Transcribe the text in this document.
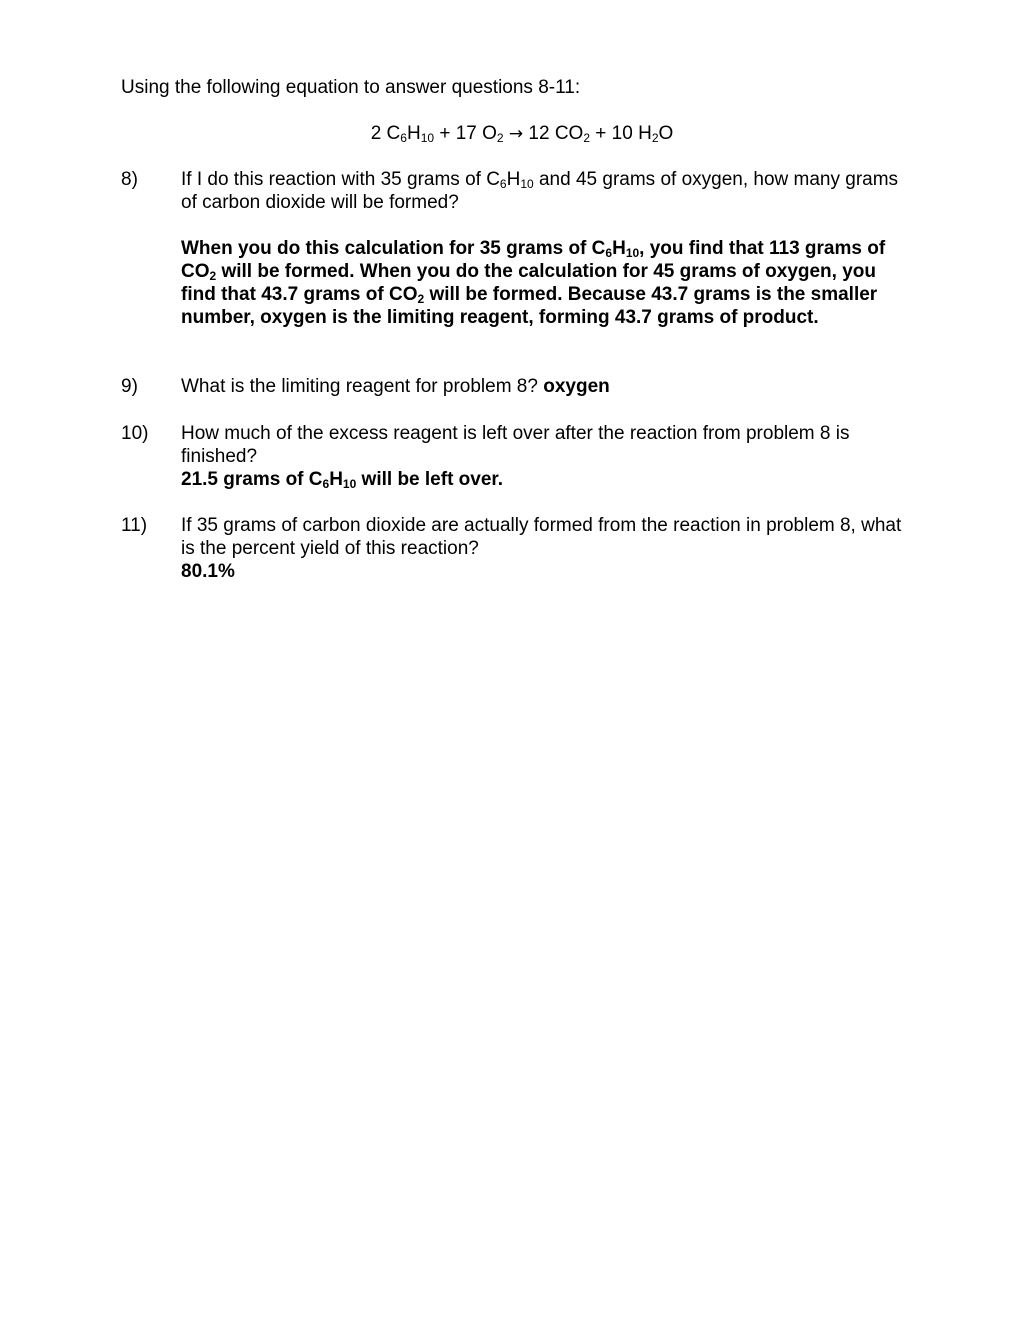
Using the following equation to answer questions 8-11:

2 $C_6H_{10} + 17$ $O_2 \to 12$ $CO_2 + 10$ $H_2O$

8) If I do this reaction with 35 grams of $C_6H_{10}$ and 45 grams of oxygen, how many grams of carbon dioxide will be formed?
When you do this calculation for 35 grams of $C_6H_{10}$, you find that 113 grams of $CO_2$ will be formed. When you do the calculation for 45 grams of oxygen, you find that 43.7 grams of $CO_2$ will be formed. Because 43.7 grams is the smaller number, oxygen is the limiting reagent, forming 43.7 grams of product.
9) What is the limiting reagent for problem 8? oxygen
10) How much of the excess reagent is left over after the reaction from problem 8 is finished?
21.5 grams of $C_6H_{10}$ will be left over.
11) If 35 grams of carbon dioxide are actually formed from the reaction in problem 8, what is the percent yield of this reaction?
80.1%
